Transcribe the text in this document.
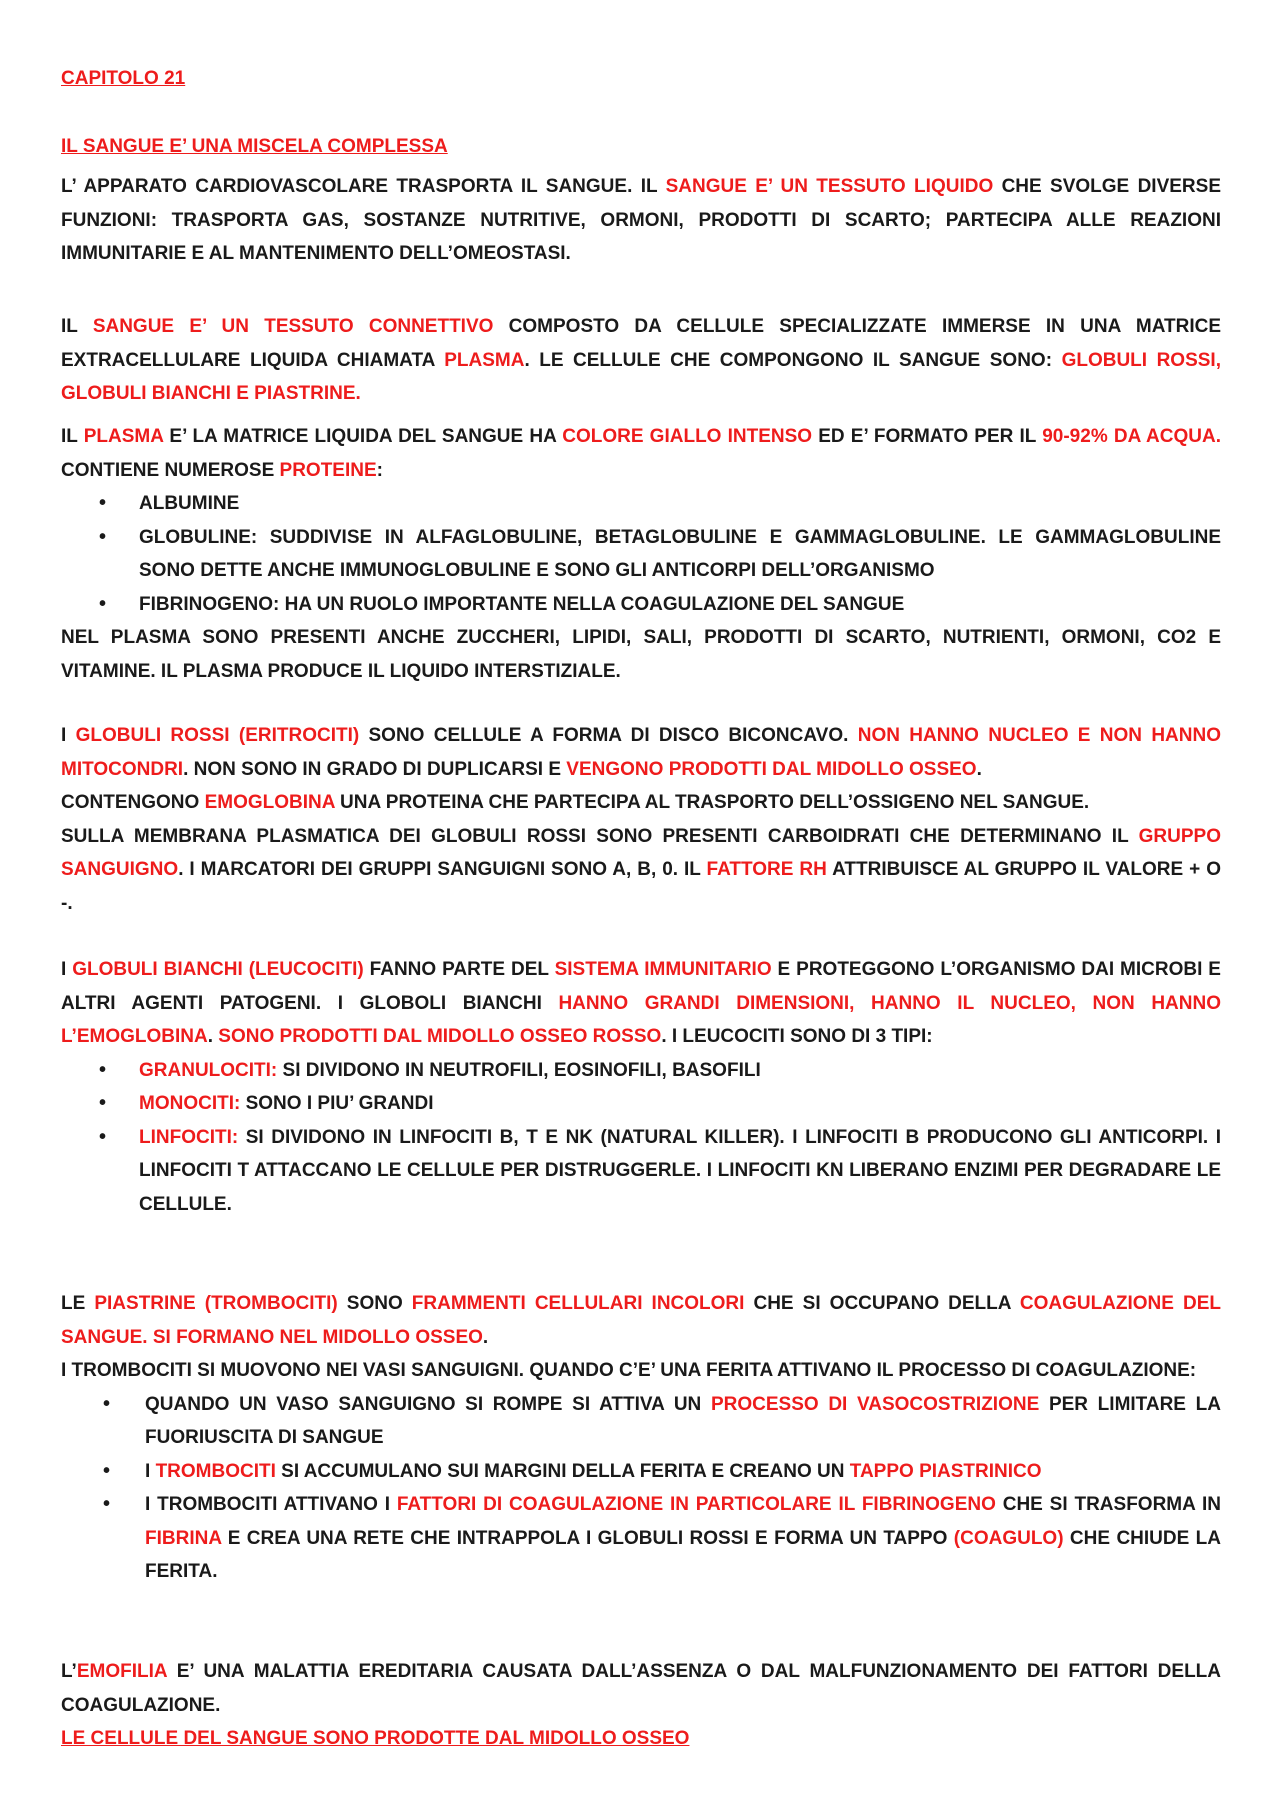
CAPITOLO 21

IL SANGUE E’ UNA MISCELA COMPLESSA

L’ APPARATO CARDIOVASCOLARE TRASPORTA IL SANGUE. IL SANGUE E’ UN TESSUTO LIQUIDO CHE SVOLGE DIVERSE FUNZIONI: TRASPORTA GAS, SOSTANZE NUTRITIVE, ORMONI, PRODOTTI DI SCARTO; PARTECIPA ALLE REAZIONI IMMUNITARIE E AL MANTENIMENTO DELL’OMEOSTASI.

IL SANGUE E’ UN TESSUTO CONNETTIVO COMPOSTO DA CELLULE SPECIALIZZATE IMMERSE IN UNA MATRICE EXTRACELLULARE LIQUIDA CHIAMATA PLASMA. LE CELLULE CHE COMPONGONO IL SANGUE SONO: GLOBULI ROSSI, GLOBULI BIANCHI E PIASTRINE.

IL PLASMA E’ LA MATRICE LIQUIDA DEL SANGUE HA COLORE GIALLO INTENSO ED E’ FORMATO PER IL 90-92% DA ACQUA. CONTIENE NUMEROSE PROTEINE:

• ALBUMINE
• GLOBULINE: SUDDIVISE IN ALFAGLOBULINE, BETAGLOBULINE E GAMMAGLOBULINE. LE GAMMAGLOBULINE SONO DETTE ANCHE IMMUNOGLOBULINE E SONO GLI ANTICORPI DELL’ORGANISMO
• FIBRINOGENO: HA UN RUOLO IMPORTANTE NELLA COAGULAZIONE DEL SANGUE

NEL PLASMA SONO PRESENTI ANCHE ZUCCHERI, LIPIDI, SALI, PRODOTTI DI SCARTO, NUTRIENTI, ORMONI, CO2 E VITAMINE. IL PLASMA PRODUCE IL LIQUIDO INTERSTIZIALE.

I GLOBULI ROSSI (ERITROCITI) SONO CELLULE A FORMA DI DISCO BICONCAVO. NON HANNO NUCLEO E NON HANNO MITOCONDRI. NON SONO IN GRADO DI DUPLICARSI E VENGONO PRODOTTI DAL MIDOLLO OSSEO.

CONTENGONO EMOGLOBINA UNA PROTEINA CHE PARTECIPA AL TRASPORTO DELL’OSSIGENO NEL SANGUE.

SULLA MEMBRANA PLASMATICA DEI GLOBULI ROSSI SONO PRESENTI CARBOIDRATI CHE DETERMINANO IL GRUPPO SANGUIGNO. I MARCATORI DEI GRUPPI SANGUIGNI SONO A, B, 0. IL FATTORE RH ATTRIBUISCE AL GRUPPO IL VALORE + O -.

I GLOBULI BIANCHI (LEUCOCITI) FANNO PARTE DEL SISTEMA IMMUNITARIO E PROTEGGONO L’ORGANISMO DAI MICROBI E ALTRI AGENTI PATOGENI. I GLOBOLI BIANCHI HANNO GRANDI DIMENSIONI, HANNO IL NUCLEO, NON HANNO L’EMOGLOBINA. SONO PRODOTTI DAL MIDOLLO OSSEO ROSSO. I LEUCOCITI SONO DI 3 TIPI:

• GRANULOCITI: SI DIVIDONO IN NEUTROFILI, EOSINOFILI, BASOFILI
• MONOCITI: SONO I PIU’ GRANDI
• LINFOCITI: SI DIVIDONO IN LINFOCITI B, T E NK (NATURAL KILLER). I LINFOCITI B PRODUCONO GLI ANTICORPI. I LINFOCITI T ATTACCANO LE CELLULE PER DISTRUGGERLE. I LINFOCITI KN LIBERANO ENZIMI PER DEGRADARE LE CELLULE.

LE PIASTRINE (TROMBOCITI) SONO FRAMMENTI CELLULARI INCOLORI CHE SI OCCUPANO DELLA COAGULAZIONE DEL SANGUE. SI FORMANO NEL MIDOLLO OSSEO.

I TROMBOCITI SI MUOVONO NEI VASI SANGUIGNI. QUANDO C’E’ UNA FERITA ATTIVANO IL PROCESSO DI COAGULAZIONE:

• QUANDO UN VASO SANGUIGNO SI ROMPE SI ATTIVA UN PROCESSO DI VASOCOSTRIZIONE PER LIMITARE LA FUORIUSCITA DI SANGUE
• I TROMBOCITI SI ACCUMULANO SUI MARGINI DELLA FERITA E CREANO UN TAPPO PIASTRINICO
• I TROMBOCITI ATTIVANO I FATTORI DI COAGULAZIONE IN PARTICOLARE IL FIBRINOGENO CHE SI TRASFORMA IN FIBRINA E CREA UNA RETE CHE INTRAPPOLA I GLOBULI ROSSI E FORMA UN TAPPO (COAGULO) CHE CHIUDE LA FERITA.

L’EMOFILIA E’ UNA MALATTIA EREDITARIA CAUSATA DALL’ASSENZA O DAL MALFUNZIONAMENTO DEI FATTORI DELLA COAGULAZIONE.

LE CELLULE DEL SANGUE SONO PRODOTTE DAL MIDOLLO OSSEO
